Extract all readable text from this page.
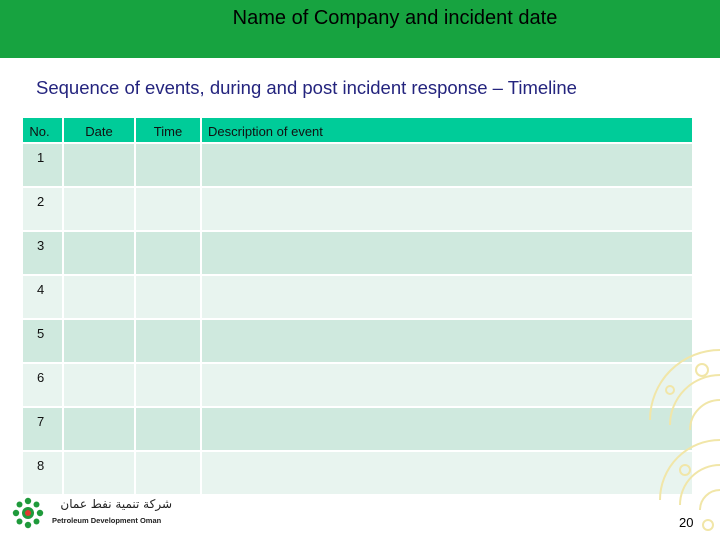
Name of Company and incident date
Sequence of events, during and post incident response – Timeline
No.	Date	Time	Description of event
1			
2			
3			
4			
5			
6			
7			
8			
شركة تنمية نفط عمان
Petroleum Development Oman	20
